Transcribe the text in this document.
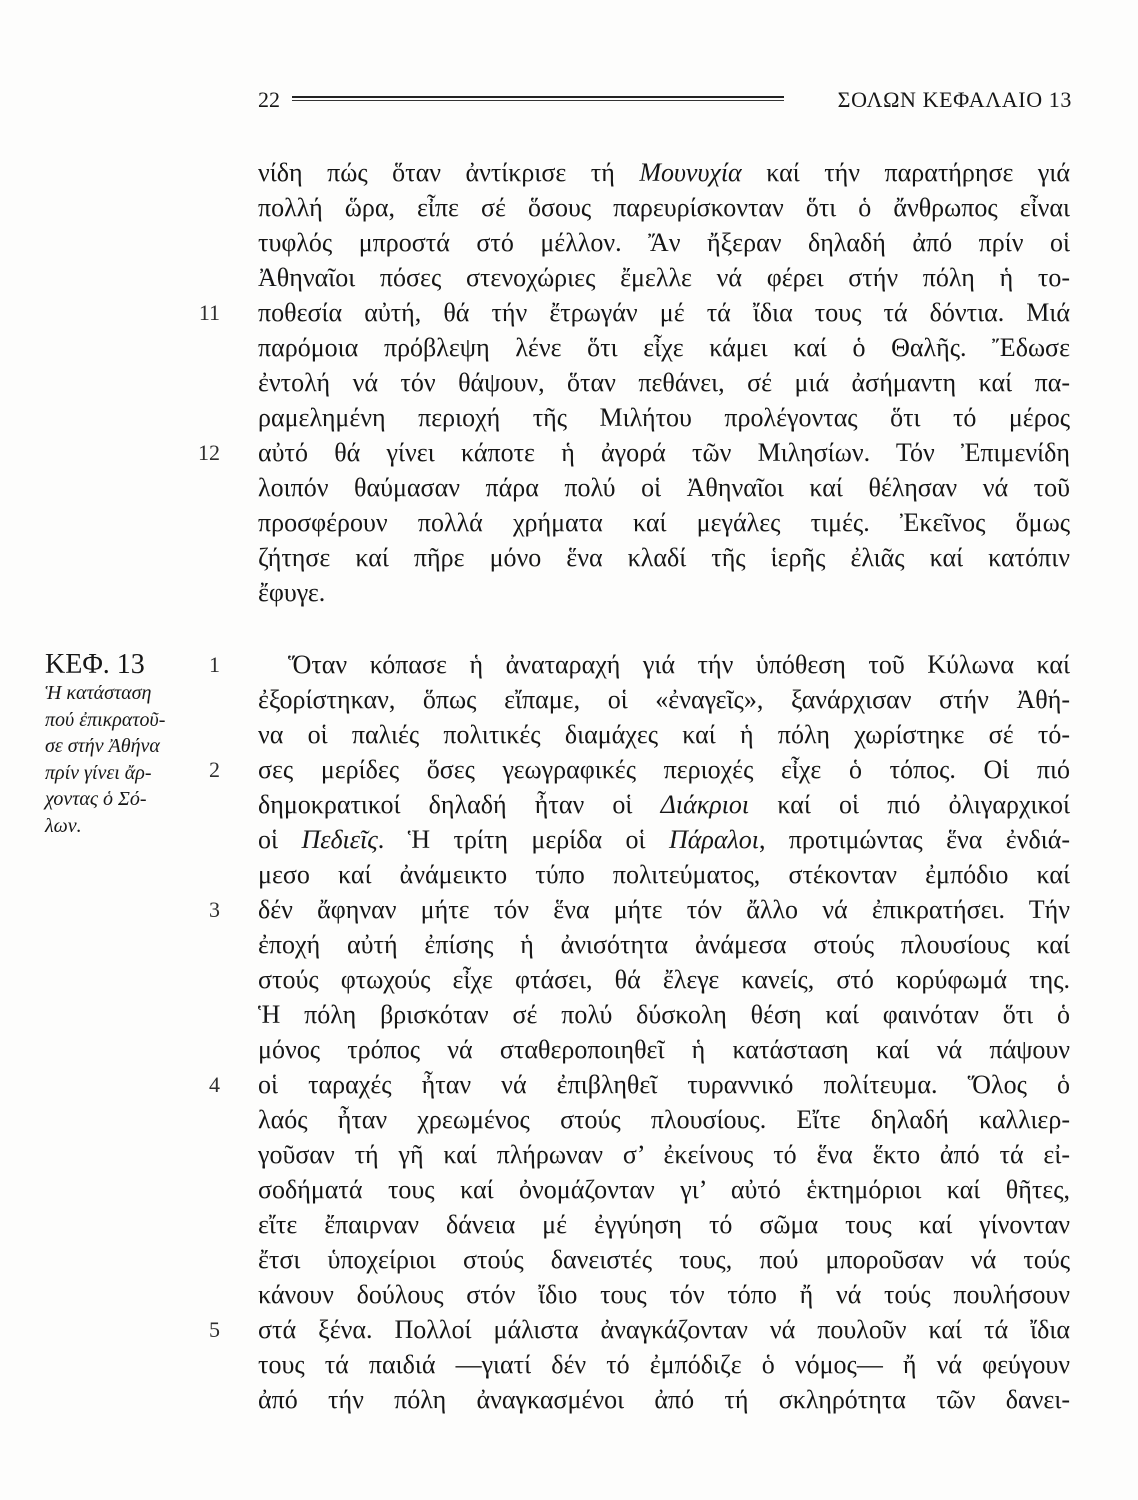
22	ΣΟΛΩΝ ΚΕΦΑΛΑΙΟ 13
ΚΕΦ. 13
Ἡ κατάσταση
πού ἐπικρατοῦ-
σε στήν Ἀθήνα
πρίν γίνει ἄρ-
χοντας ὁ Σό-
λων.
νίδη πώς ὅταν ἀντίκρισε τή Μουνυχία καί τήν παρατήρησε γιά
πολλή ὥρα, εἶπε σέ ὅσους παρευρίσκονταν ὅτι ὁ ἄνθρωπος εἶναι
τυφλός μπροστά στό μέλλον. Ἄν ἤξεραν δηλαδή ἀπό πρίν οἱ
Ἀθηναῖοι πόσες στενοχώριες ἔμελλε νά φέρει στήν πόλη ἡ το-
11 ποθεσία αὐτή, θά τήν ἔτρωγάν μέ τά ἴδια τους τά δόντια. Μιά
παρόμοια πρόβλεψη λένε ὅτι εἶχε κάμει καί ὁ Θαλῆς. Ἔδωσε
ἐντολή νά τόν θάψουν, ὅταν πεθάνει, σέ μιά ἀσήμαντη καί πα-
ραμελημένη περιοχή τῆς Μιλήτου προλέγοντας ὅτι τό μέρος
12 αὐτό θά γίνει κάποτε ἡ ἀγορά τῶν Μιλησίων. Τόν Ἐπιμενίδη
λοιπόν θαύμασαν πάρα πολύ οἱ Ἀθηναῖοι καί θέλησαν νά τοῦ
προσφέρουν πολλά χρήματα καί μεγάλες τιμές. Ἐκεῖνος ὅμως
ζήτησε καί πῆρε μόνο ἕνα κλαδί τῆς ἱερῆς ἐλιᾶς καί κατόπιν
ἔφυγε.
1	Ὅταν κόπασε ἡ ἀναταραχή γιά τήν ὑπόθεση τοῦ Κύλωνα καί
ἐξορίστηκαν, ὅπως εἴπαμε, οἱ «ἐναγεῖς», ξανάρχισαν στήν Ἀθή-
να οἱ παλιές πολιτικές διαμάχες καί ἡ πόλη χωρίστηκε σέ τό-
2 σες μερίδες ὅσες γεωγραφικές περιοχές εἶχε ὁ τόπος. Οἱ πιό
δημοκρατικοί δηλαδή ἦταν οἱ Διάκριοι καί οἱ πιό ὀλιγαρχικοί
οἱ Πεδιεῖς. Ἡ τρίτη μερίδα οἱ Πάραλοι, προτιμώντας ἕνα ἐνδιά-
μεσο καί ἀνάμεικτο τύπο πολιτεύματος, στέκονταν ἐμπόδιο καί
3 δέν ἄφηναν μήτε τόν ἕνα μήτε τόν ἄλλο νά ἐπικρατήσει. Τήν
ἐποχή αὐτή ἐπίσης ἡ ἀνισότητα ἀνάμεσα στούς πλουσίους καί
στούς φτωχούς εἶχε φτάσει, θά ἔλεγε κανείς, στό κορύφωμά της.
Ἡ πόλη βρισκόταν σέ πολύ δύσκολη θέση καί φαινόταν ὅτι ὁ
μόνος τρόπος νά σταθεροποιηθεῖ ἡ κατάσταση καί νά πάψουν
4 οἱ ταραχές ἦταν νά ἐπιβληθεῖ τυραννικό πολίτευμα. Ὅλος ὁ
λαός ἦταν χρεωμένος στούς πλουσίους. Εἴτε δηλαδή καλλιερ-
γοῦσαν τή γῆ καί πλήρωναν σ’ ἐκείνους τό ἕνα ἕκτο ἀπό τά εἰ-
σοδήματά τους καί ὀνομάζονταν γι’ αὐτό ἑκτημόριοι καί θῆτες,
εἴτε ἔπαιρναν δάνεια μέ ἐγγύηση τό σῶμα τους καί γίνονταν
ἔτσι ὑποχείριοι στούς δανειστές τους, πού μποροῦσαν νά τούς
κάνουν δούλους στόν ἴδιο τους τόν τόπο ἤ νά τούς πουλήσουν
5 στά ξένα. Πολλοί μάλιστα ἀναγκάζονταν νά πουλοῦν καί τά ἴδια
τους τά παιδιά —γιατί δέν τό ἐμπόδιζε ὁ νόμος— ἤ νά φεύγουν
ἀπό τήν πόλη ἀναγκασμένοι ἀπό τή σκληρότητα τῶν δανει-
